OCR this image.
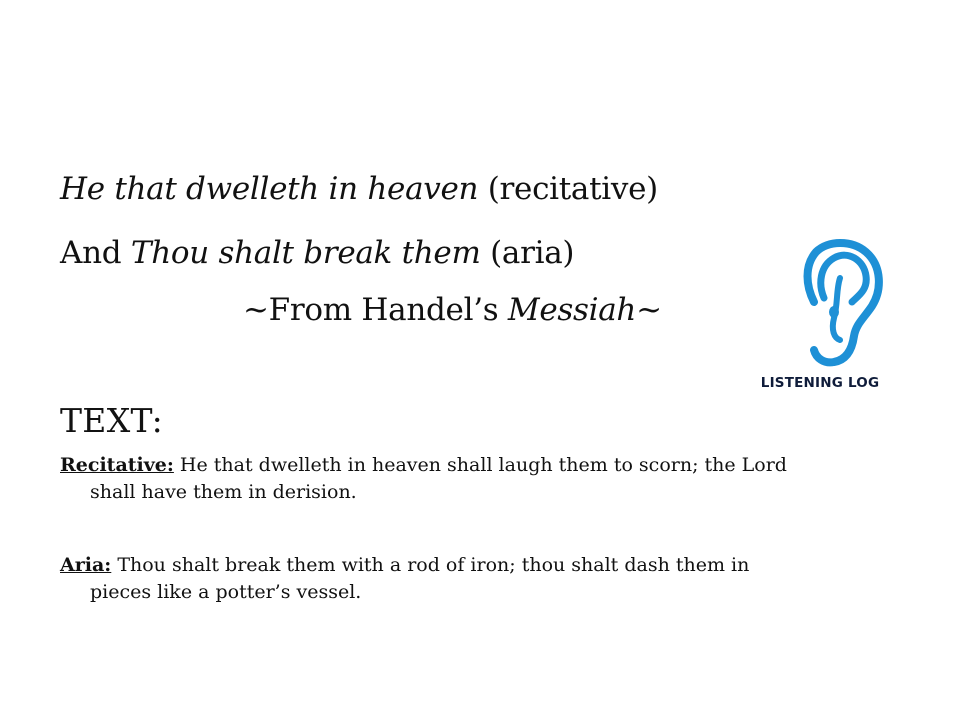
He that dwelleth in heaven (recitative)
And Thou shalt break them (aria)
~From Handel’s Messiah~
LISTENING LOG
TEXT:
Recitative: He that dwelleth in heaven shall laugh them to scorn; the Lord
shall have them in derision.
Aria: Thou shalt break them with a rod of iron; thou shalt dash them in
pieces like a potter’s vessel.
